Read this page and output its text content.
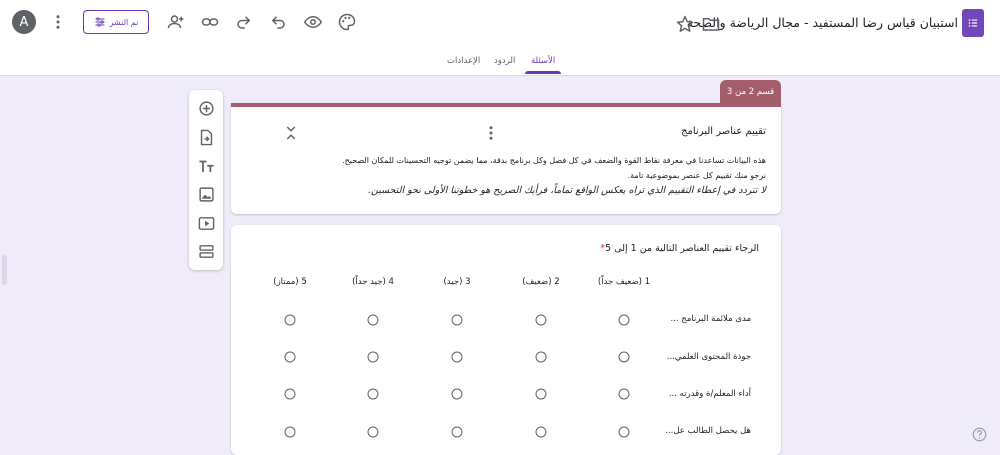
A	تم النشر	استبيان قياس رضا المستفيد - مجال الرياضة والصحة
الإعدادات الردود الأسئلة
قسم 2 من 3
تقييم عناصر البرنامج
هذه البيانات تساعدنا في معرفة نقاط القوة والضعف في كل فصل وكل برنامج بدقة، مما يضمن توجيه التحسينات للمكان الصحيح.
نرجو منك تقييم كل عنصر بموضوعية تامة.
لا تتردد في إعطاء التقييم الذي تراه يعكس الواقع تماماً، فرأيك الصريح هو خطوتنا الأولى نحو التحسين.
الرجاء تقييم العناصر التالية من 1 إلى 5*
1 (ضعيف جداً)
2 (ضعيف)
3 (جيد)
4 (جيد جداً)
5 (ممتاز)
مدى ملائمة البرنامج ...
جودة المحتوى العلمي...
أداء المعلم/ة وقدرته ...
هل يحصل الطالب عل...
